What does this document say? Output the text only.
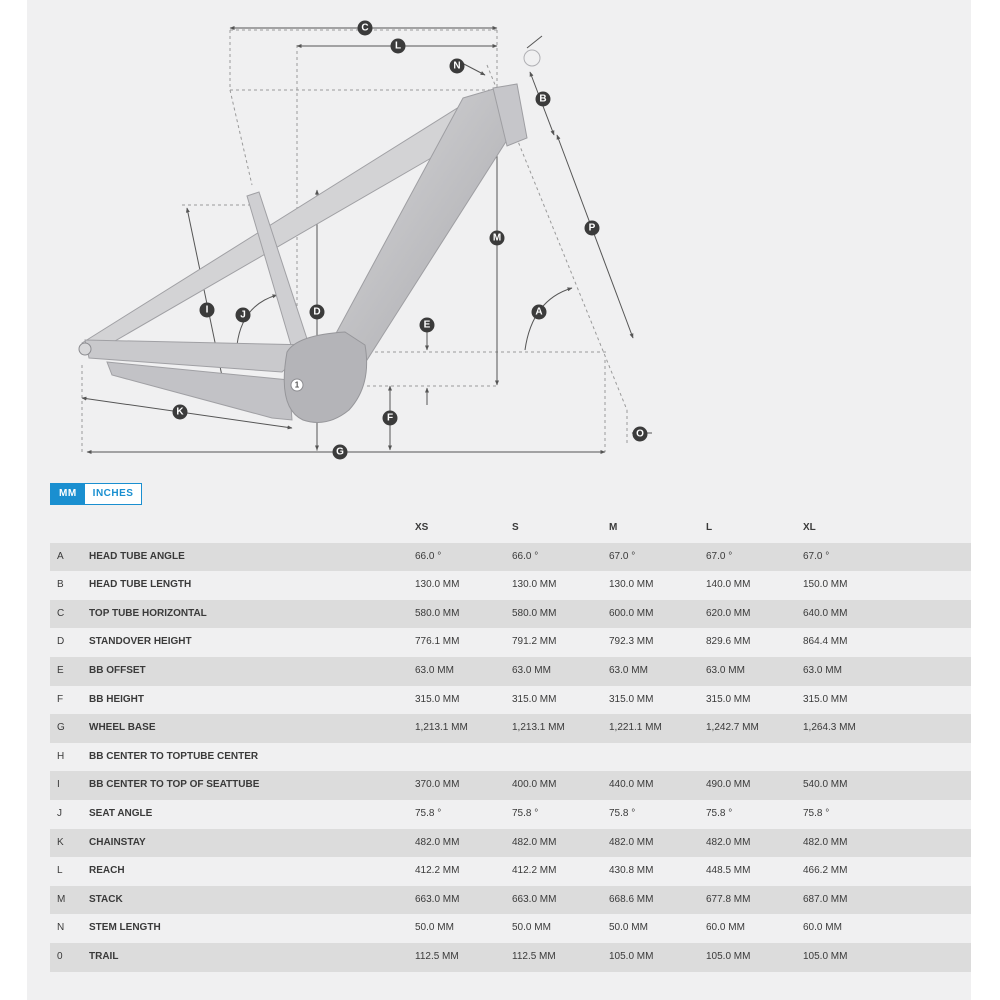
A
B
C
D
E
F
G
I	J
K
L
M
N
O
P
1
MM	INCHES
XS	S	M	L	XL
A	HEAD TUBE ANGLE	66.0 °	66.0 °	67.0 °	67.0 °	67.0 °
B	HEAD TUBE LENGTH	130.0 MM	130.0 MM	130.0 MM	140.0 MM	150.0 MM
C TOP TUBE HORIZONTAL	580.0 MM	580.0 MM	600.0 MM	620.0 MM	640.0 MM
D STANDOVER HEIGHT	776.1 MM	791.2 MM	792.3 MM	829.6 MM	864.4 MM
E	BB OFFSET	63.0 MM	63.0 MM	63.0 MM	63.0 MM	63.0 MM
F	BB HEIGHT	315.0 MM	315.0 MM	315.0 MM	315.0 MM	315.0 MM
G WHEEL BASE	1,213.1 MM	1,213.1 MM	1,221.1 MM	1,242.7 MM	1,264.3 MM
H BB CENTER TO TOPTUBE CENTER
I	BB CENTER TO TOP OF SEATTUBE	370.0 MM	400.0 MM	440.0 MM	490.0 MM	540.0 MM
J	SEAT ANGLE	75.8 °	75.8 °	75.8 °	75.8 °	75.8 °
K	CHAINSTAY	482.0 MM	482.0 MM	482.0 MM	482.0 MM	482.0 MM
L	REACH	412.2 MM	412.2 MM	430.8 MM	448.5 MM	466.2 MM
M STACK	663.0 MM	663.0 MM	668.6 MM	677.8 MM	687.0 MM
N STEM LENGTH	50.0 MM	50.0 MM	50.0 MM	60.0 MM	60.0 MM
0	TRAIL	112.5 MM	112.5 MM	105.0 MM	105.0 MM	105.0 MM
